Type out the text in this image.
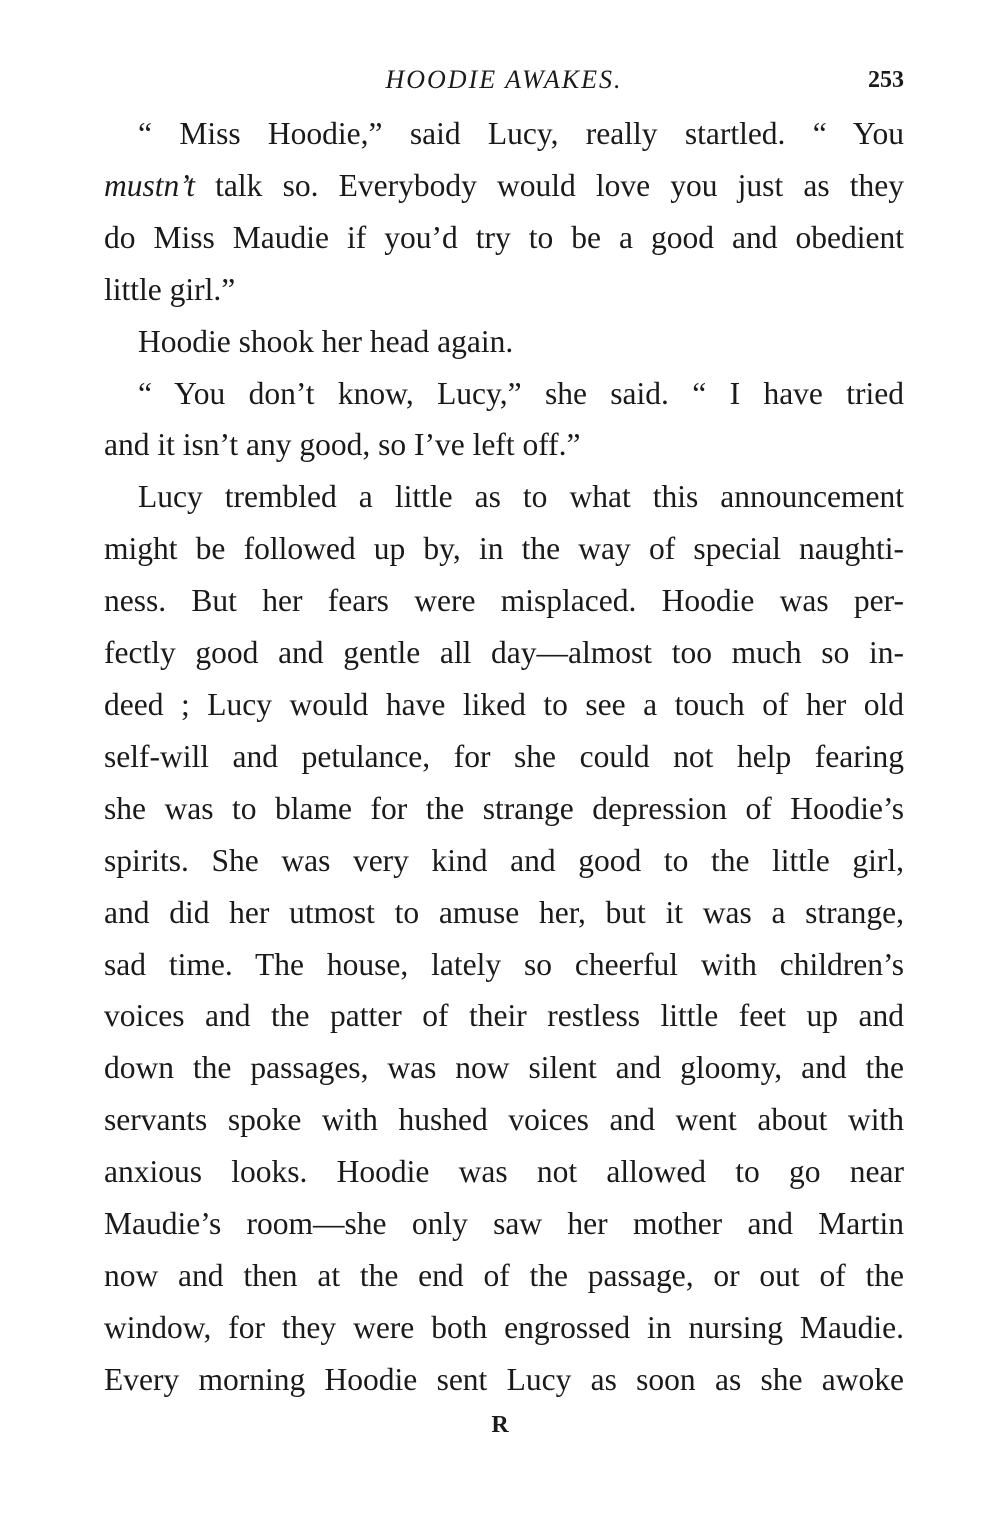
HOODIE AWAKES.	253
“ Miss Hoodie,” said Lucy, really startled. “ You
mustn’t talk so. Everybody would love you just as they
do Miss Maudie if you’d try to be a good and obedient
little girl.”
Hoodie shook her head again.
“ You don’t know, Lucy,” she said. “ I have tried
and it isn’t any good, so I’ve left off.”
Lucy trembled a little as to what this announcement
might be followed up by, in the way of special naughti-
ness. But her fears were misplaced. Hoodie was per-
fectly good and gentle all day—almost too much so in-
deed ; Lucy would have liked to see a touch of her old
self-will and petulance, for she could not help fearing
she was to blame for the strange depression of Hoodie’s
spirits. She was very kind and good to the little girl,
and did her utmost to amuse her, but it was a strange,
sad time. The house, lately so cheerful with children’s
voices and the patter of their restless little feet up and
down the passages, was now silent and gloomy, and the
servants spoke with hushed voices and went about with
anxious looks. Hoodie was not allowed to go near
Maudie’s room—she only saw her mother and Martin
now and then at the end of the passage, or out of the
window, for they were both engrossed in nursing Maudie.
Every morning Hoodie sent Lucy as soon as she awoke
R
